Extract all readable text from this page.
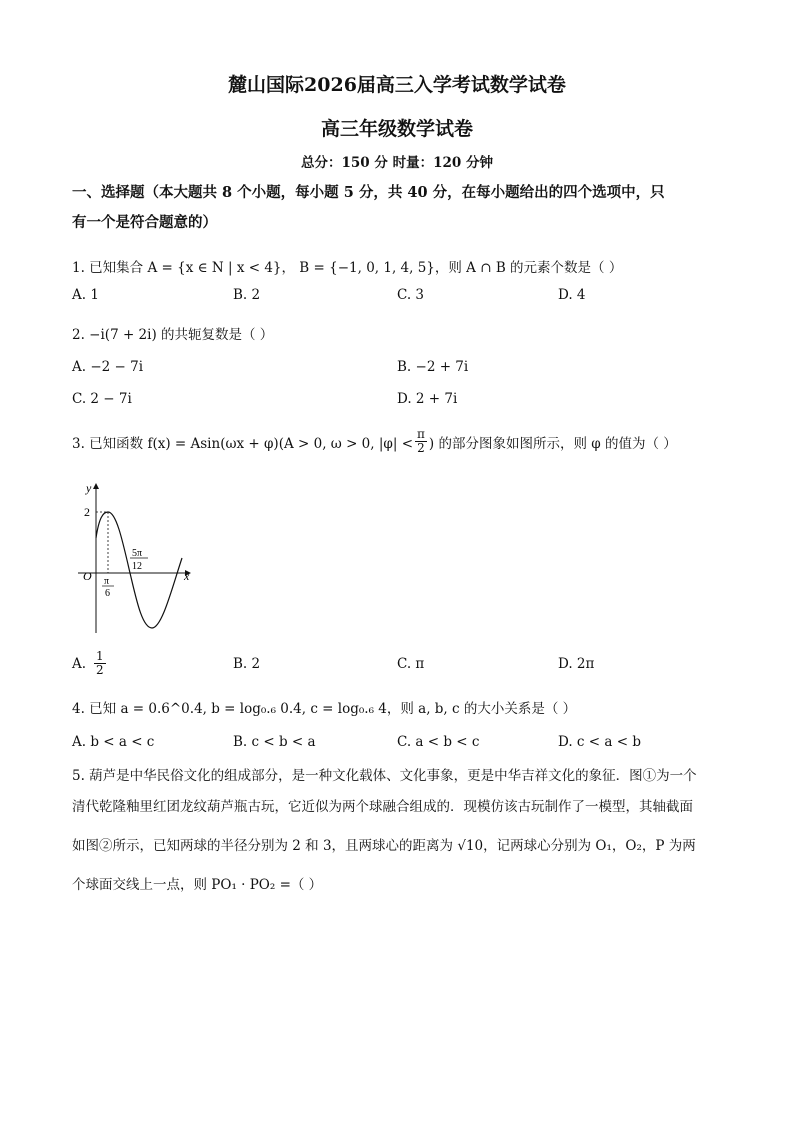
麓山国际2026届高三入学考试数学试卷
高三年级数学试卷
总分：150 分 时量：120 分钟
一、选择题（本大题共 8 个小题，每小题 5 分，共 40 分，在每小题给出的四个选项中，只
有一个是符合题意的）
1. 已知集合 A = {x ∈ N | x < 4}， B = {−1, 0, 1, 4, 5}，则 A ∩ B 的元素个数是（ ）
A. 1	B. 2	C. 3	D. 4
2. −i(7 + 2i) 的共轭复数是（ ）
A. −2 − 7i	B. −2 + 7i
C. 2 − 7i	D. 2 + 7i
3. 已知函数 f(x) = Asin(ωx + φ)(A > 0, ω > 0, $|\varphi| < \frac{\pi}{2}$ ) 的部分图象如图所示，则 φ 的值为（ ）
y
x
O
2
π
6
5π
12
A. $\frac{1}{2}$	B. 2	C. π	D. 2π
4. 已知 a = 0.6^0.4, b = log₀.₆ 0.4, c = log₀.₆ 4，则 a, b, c 的大小关系是（ ）
A. b < a < c	B. c < b < a	C. a < b < c	D. c < a < b
5. 葫芦是中华民俗文化的组成部分，是一种文化载体、文化事象，更是中华吉祥文化的象征．图①为一个
清代乾隆釉里红团龙纹葫芦瓶古玩，它近似为两个球融合组成的．现模仿该古玩制作了一模型，其轴截面
如图②所示，已知两球的半径分别为 2 和 3，且两球心的距离为 √10，记两球心分别为 O₁，O₂，P 为两
个球面交线上一点，则 PO₁ · PO₂ =（ ）
